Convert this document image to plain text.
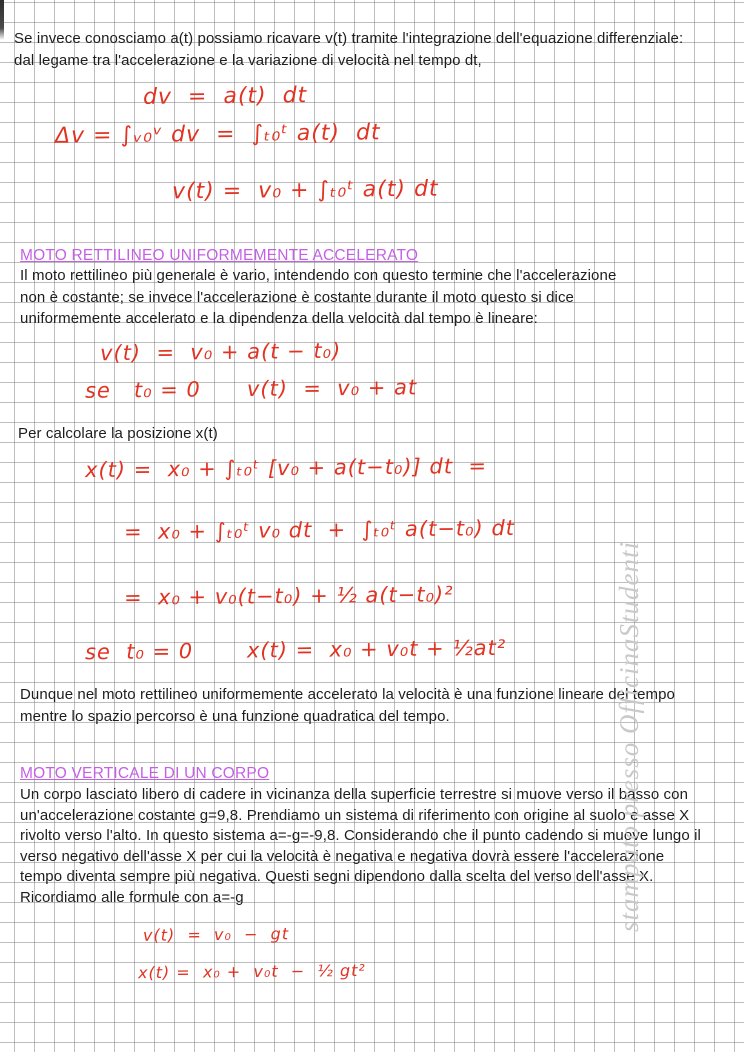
Se invece conosciamo a(t) possiamo ricavare v(t) tramite l'integrazione dell'equazione differenziale:
dal legame tra l'accelerazione e la variazione di velocità nel tempo dt,
dv  =  a(t)  dt
Δv = ∫ᵥ₀ᵛ dv  =  ∫ₜ₀ᵗ a(t)  dt
v(t) =  v₀ + ∫ₜ₀ᵗ a(t) dt
MOTO RETTILINEO UNIFORMEMENTE ACCELERATO
Il moto rettilineo più generale è vario, intendendo con questo termine che l'accelerazione
non è costante; se invece l'accelerazione è costante durante il moto questo si dice
uniformemente accelerato e la dipendenza della velocità dal tempo è lineare:
v(t)  =  v₀ + a(t − t₀)
se   t₀ = 0      v(t)  =  v₀ + at
Per calcolare la posizione x(t)
x(t) =  x₀ + ∫ₜ₀ᵗ [v₀ + a(t−t₀)] dt  =
=  x₀ + ∫ₜ₀ᵗ v₀ dt  +  ∫ₜ₀ᵗ a(t−t₀) dt
=  x₀ + v₀(t−t₀) + ½ a(t−t₀)²
se  t₀ = 0       x(t) =  x₀ + v₀t + ½at²
Dunque nel moto rettilineo uniformemente accelerato la velocità è una funzione lineare del tempo
mentre lo spazio percorso è una funzione quadratica del tempo.
MOTO VERTICALE DI UN CORPO
Un corpo lasciato libero di cadere in vicinanza della superficie terrestre si muove verso il basso con
un'accelerazione costante g=9,8. Prendiamo un sistema di riferimento con origine al suolo e asse X
rivolto verso l'alto. In questo sistema a=-g=-9,8. Considerando che il punto cadendo si muove lungo il
verso negativo dell'asse X per cui la velocità è negativa e negativa dovrà essere l'accelerazione
tempo diventa sempre più negativa. Questi segni dipendono dalla scelta del verso dell'asse X.
Ricordiamo alle formule con a=-g
v(t)  =  v₀  −  gt
x(t) =  x₀ +  v₀t  −  ½ gt²
stampato presso OfficinaStudenti
